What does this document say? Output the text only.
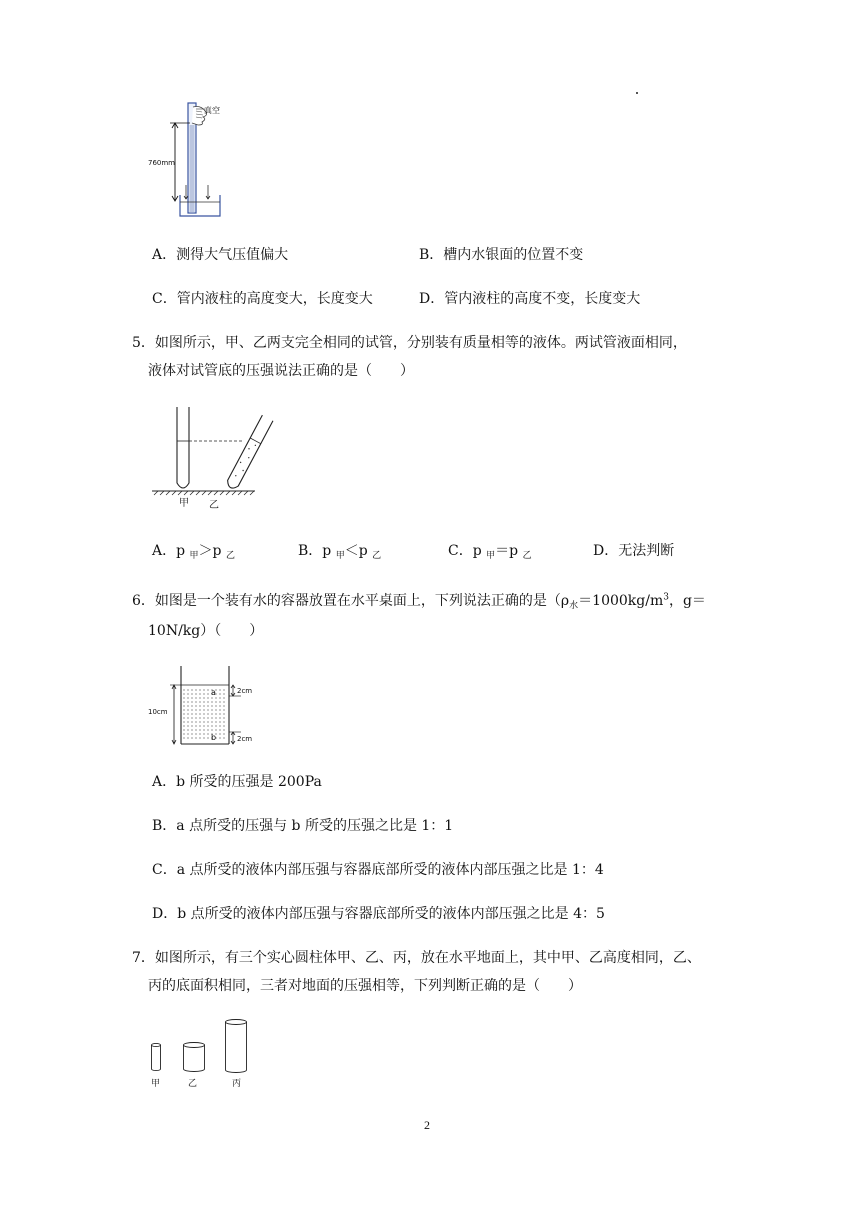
真空
760mm
A．测得大气压值偏大	B．槽内水银面的位置不变
C．管内液柱的高度变大，长度变大	D．管内液柱的高度不变，长度变大
5．如图所示，甲、乙两支完全相同的试管，分别装有质量相等的液体。两试管液面相同，
液体对试管底的压强说法正确的是（　　）
甲 乙
A．p $_甲$＞p $_乙$	B．p $_甲$＜p $_乙$	C．p $_甲$＝p $_乙$	D．无法判断
6．如图是一个装有水的容器放置在水平桌面上，下列说法正确的是（$\rho_水=1000kg/m^3$，g＝
10N/kg）（　　）
a
b
10cm
2cm
2cm
A．b 所受的压强是 200Pa
B．a 点所受的压强与 b 所受的压强之比是 1：1
C．a 点所受的液体内部压强与容器底部所受的液体内部压强之比是 1：4
D．b 点所受的液体内部压强与容器底部所受的液体内部压强之比是 4：5
7．如图所示，有三个实心圆柱体甲、乙、丙，放在水平地面上，其中甲、乙高度相同，乙、
丙的底面积相同，三者对地面的压强相等，下列判断正确的是（　　）
甲	乙	丙
2
